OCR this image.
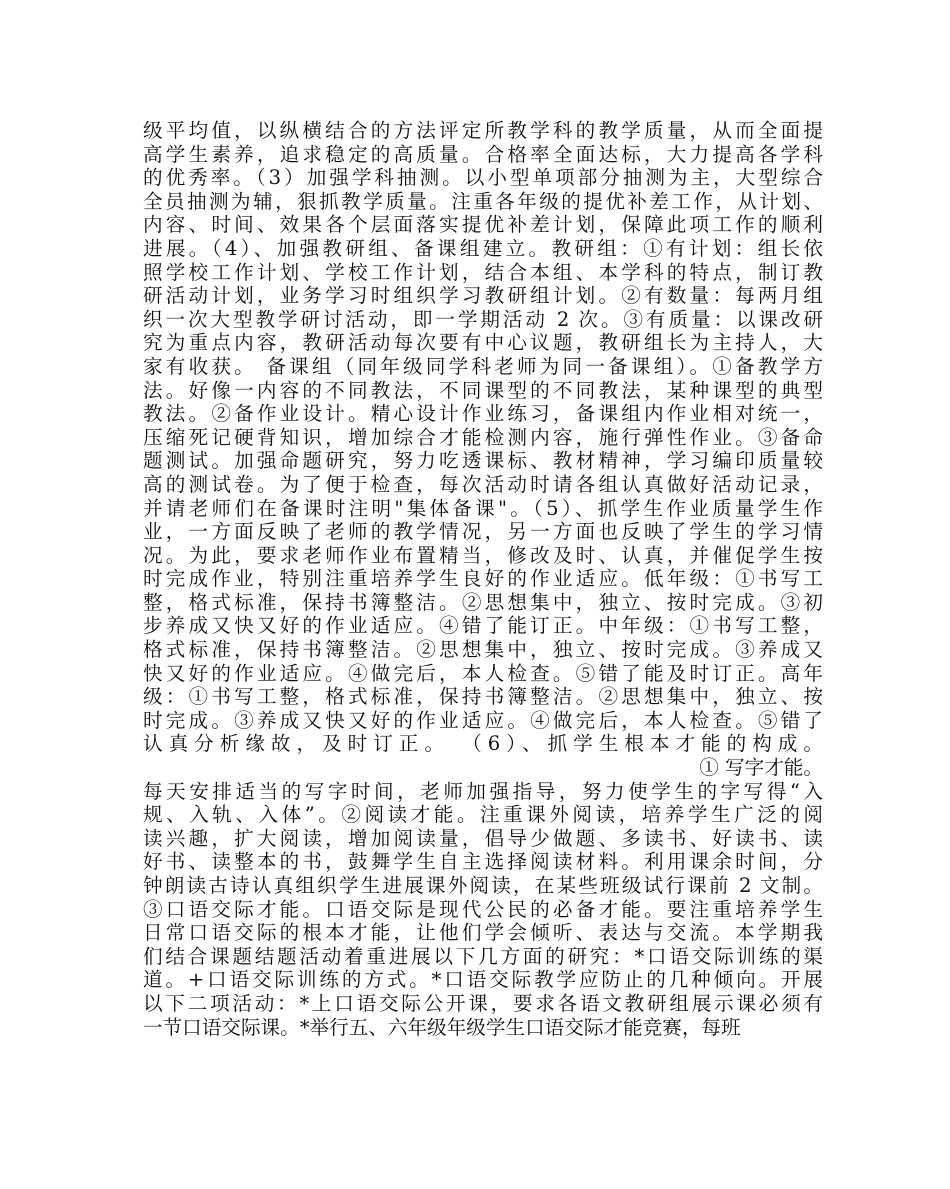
级平均值，以纵横结合的方法评定所教学科的教学质量，从而全面提
高学生素养，追求稳定的高质量。合格率全面达标，大力提高各学科
的优秀率。（3）加强学科抽测。以小型单项部分抽测为主，大型综合
全员抽测为辅，狠抓教学质量。注重各年级的提优补差工作，从计划、
内容、时间、效果各个层面落实提优补差计划，保障此项工作的顺利
进展。（4）、加强教研组、备课组建立。教研组：①有计划：组长依
照学校工作计划、学校工作计划，结合本组、本学科的特点，制订教
研活动计划，业务学习时组织学习教研组计划。②有数量：每两月组
织一次大型教学研讨活动，即一学期活动 2 次。③有质量：以课改研
究为重点内容，教研活动每次要有中心议题，教研组长为主持人，大
家有收获。 备课组（同年级同学科老师为同一备课组）。①备教学方
法。好像一内容的不同教法，不同课型的不同教法，某种课型的典型
教法。②备作业设计。精心设计作业练习，备课组内作业相对统一，
压缩死记硬背知识，增加综合才能检测内容，施行弹性作业。③备命
题测试。加强命题研究，努力吃透课标、教材精神，学习编印质量较
高的测试卷。为了便于检查，每次活动时请各组认真做好活动记录，
并请老师们在备课时注明"集体备课"。（5）、抓学生作业质量学生作
业，一方面反映了老师的教学情况，另一方面也反映了学生的学习情
况。为此，要求老师作业布置精当，修改及时、认真，并催促学生按
时完成作业，特别注重培养学生良好的作业适应。低年级：①书写工
整，格式标准，保持书簿整洁。②思想集中，独立、按时完成。③初
步养成又快又好的作业适应。④错了能订正。中年级：①书写工整，
格式标准，保持书簿整洁。②思想集中，独立、按时完成。③养成又
快又好的作业适应。④做完后，本人检查。⑤错了能及时订正。高年
级：①书写工整，格式标准，保持书簿整洁。②思想集中，独立、按
时完成。③养成又快又好的作业适应。④做完后，本人检查。⑤错了
认真分析缘故，及时订正。 （6）、抓学生根本才能的构成。
① 写字才能。
每天安排适当的写字时间，老师加强指导，努力使学生的字写得“入
规、入轨、入体”。②阅读才能。注重课外阅读，培养学生广泛的阅
读兴趣，扩大阅读，增加阅读量，倡导少做题、多读书、好读书、读
好书、读整本的书，鼓舞学生自主选择阅读材料。利用课余时间，分
钟朗读古诗认真组织学生进展课外阅读，在某些班级试行课前 2 文制。
③口语交际才能。口语交际是现代公民的必备才能。要注重培养学生
日常口语交际的根本才能，让他们学会倾听、表达与交流。本学期我
们结合课题结题活动着重进展以下几方面的研究：*口语交际训练的渠
道。+口语交际训练的方式。*口语交际教学应防止的几种倾向。开展
以下二项活动：*上口语交际公开课，要求各语文教研组展示课必须有
一节口语交际课。*举行五、六年级年级学生口语交际才能竞赛，每班
